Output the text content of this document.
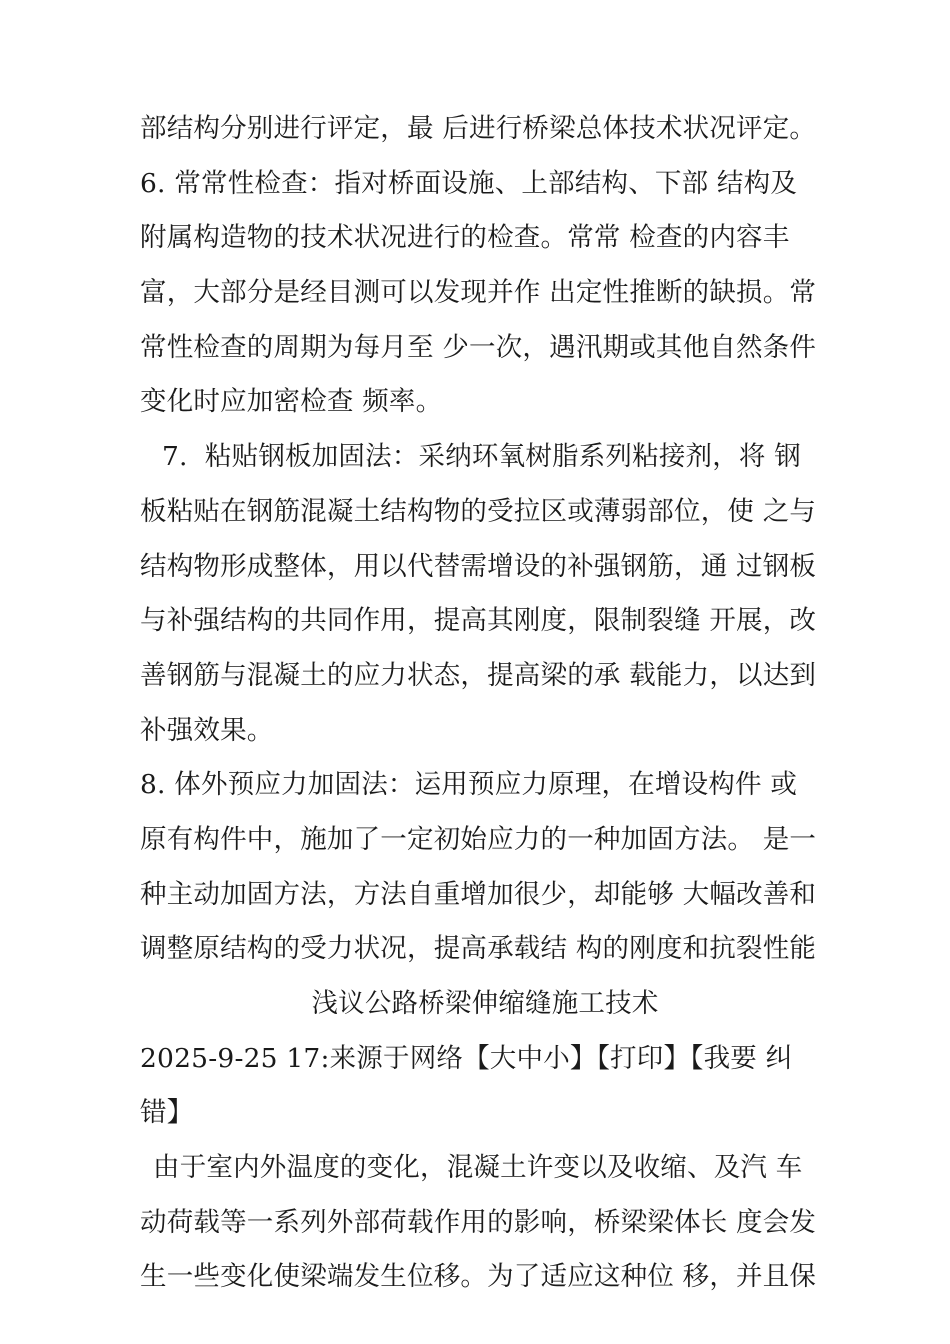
部结构分别进行评定，最 后进行桥梁总体技术状况评定。
6. 常常性检查：指对桥面设施、上部结构、下部 结构及
附属构造物的技术状况进行的检查。常常 检查的内容丰
富，大部分是经目测可以发现并作 出定性推断的缺损。常
常性检查的周期为每月至 少一次，遇汛期或其他自然条件
变化时应加密检查 频率。
7.  粘贴钢板加固法：采纳环氧树脂系列粘接剂，将 钢
板粘贴在钢筋混凝土结构物的受拉区或薄弱部位，使 之与
结构物形成整体，用以代替需增设的补强钢筋，通 过钢板
与补强结构的共同作用，提高其刚度，限制裂缝 开展，改
善钢筋与混凝土的应力状态，提高梁的承 载能力，以达到
补强效果。
8. 体外预应力加固法：运用预应力原理，在增设构件 或
原有构件中，施加了一定初始应力的一种加固方法。 是一
种主动加固方法，方法自重增加很少，却能够 大幅改善和
调整原结构的受力状况，提高承载结 构的刚度和抗裂性能
浅议公路桥梁伸缩缝施工技术
2025-9-25 17:来源于网络【大中小】【打印】【我要 纠
错】
由于室内外温度的变化，混凝土许变以及收缩、及汽 车
动荷载等一系列外部荷载作用的影响，桥梁梁体长 度会发
生一些变化使梁端发生位移。为了适应这种位 移，并且保
